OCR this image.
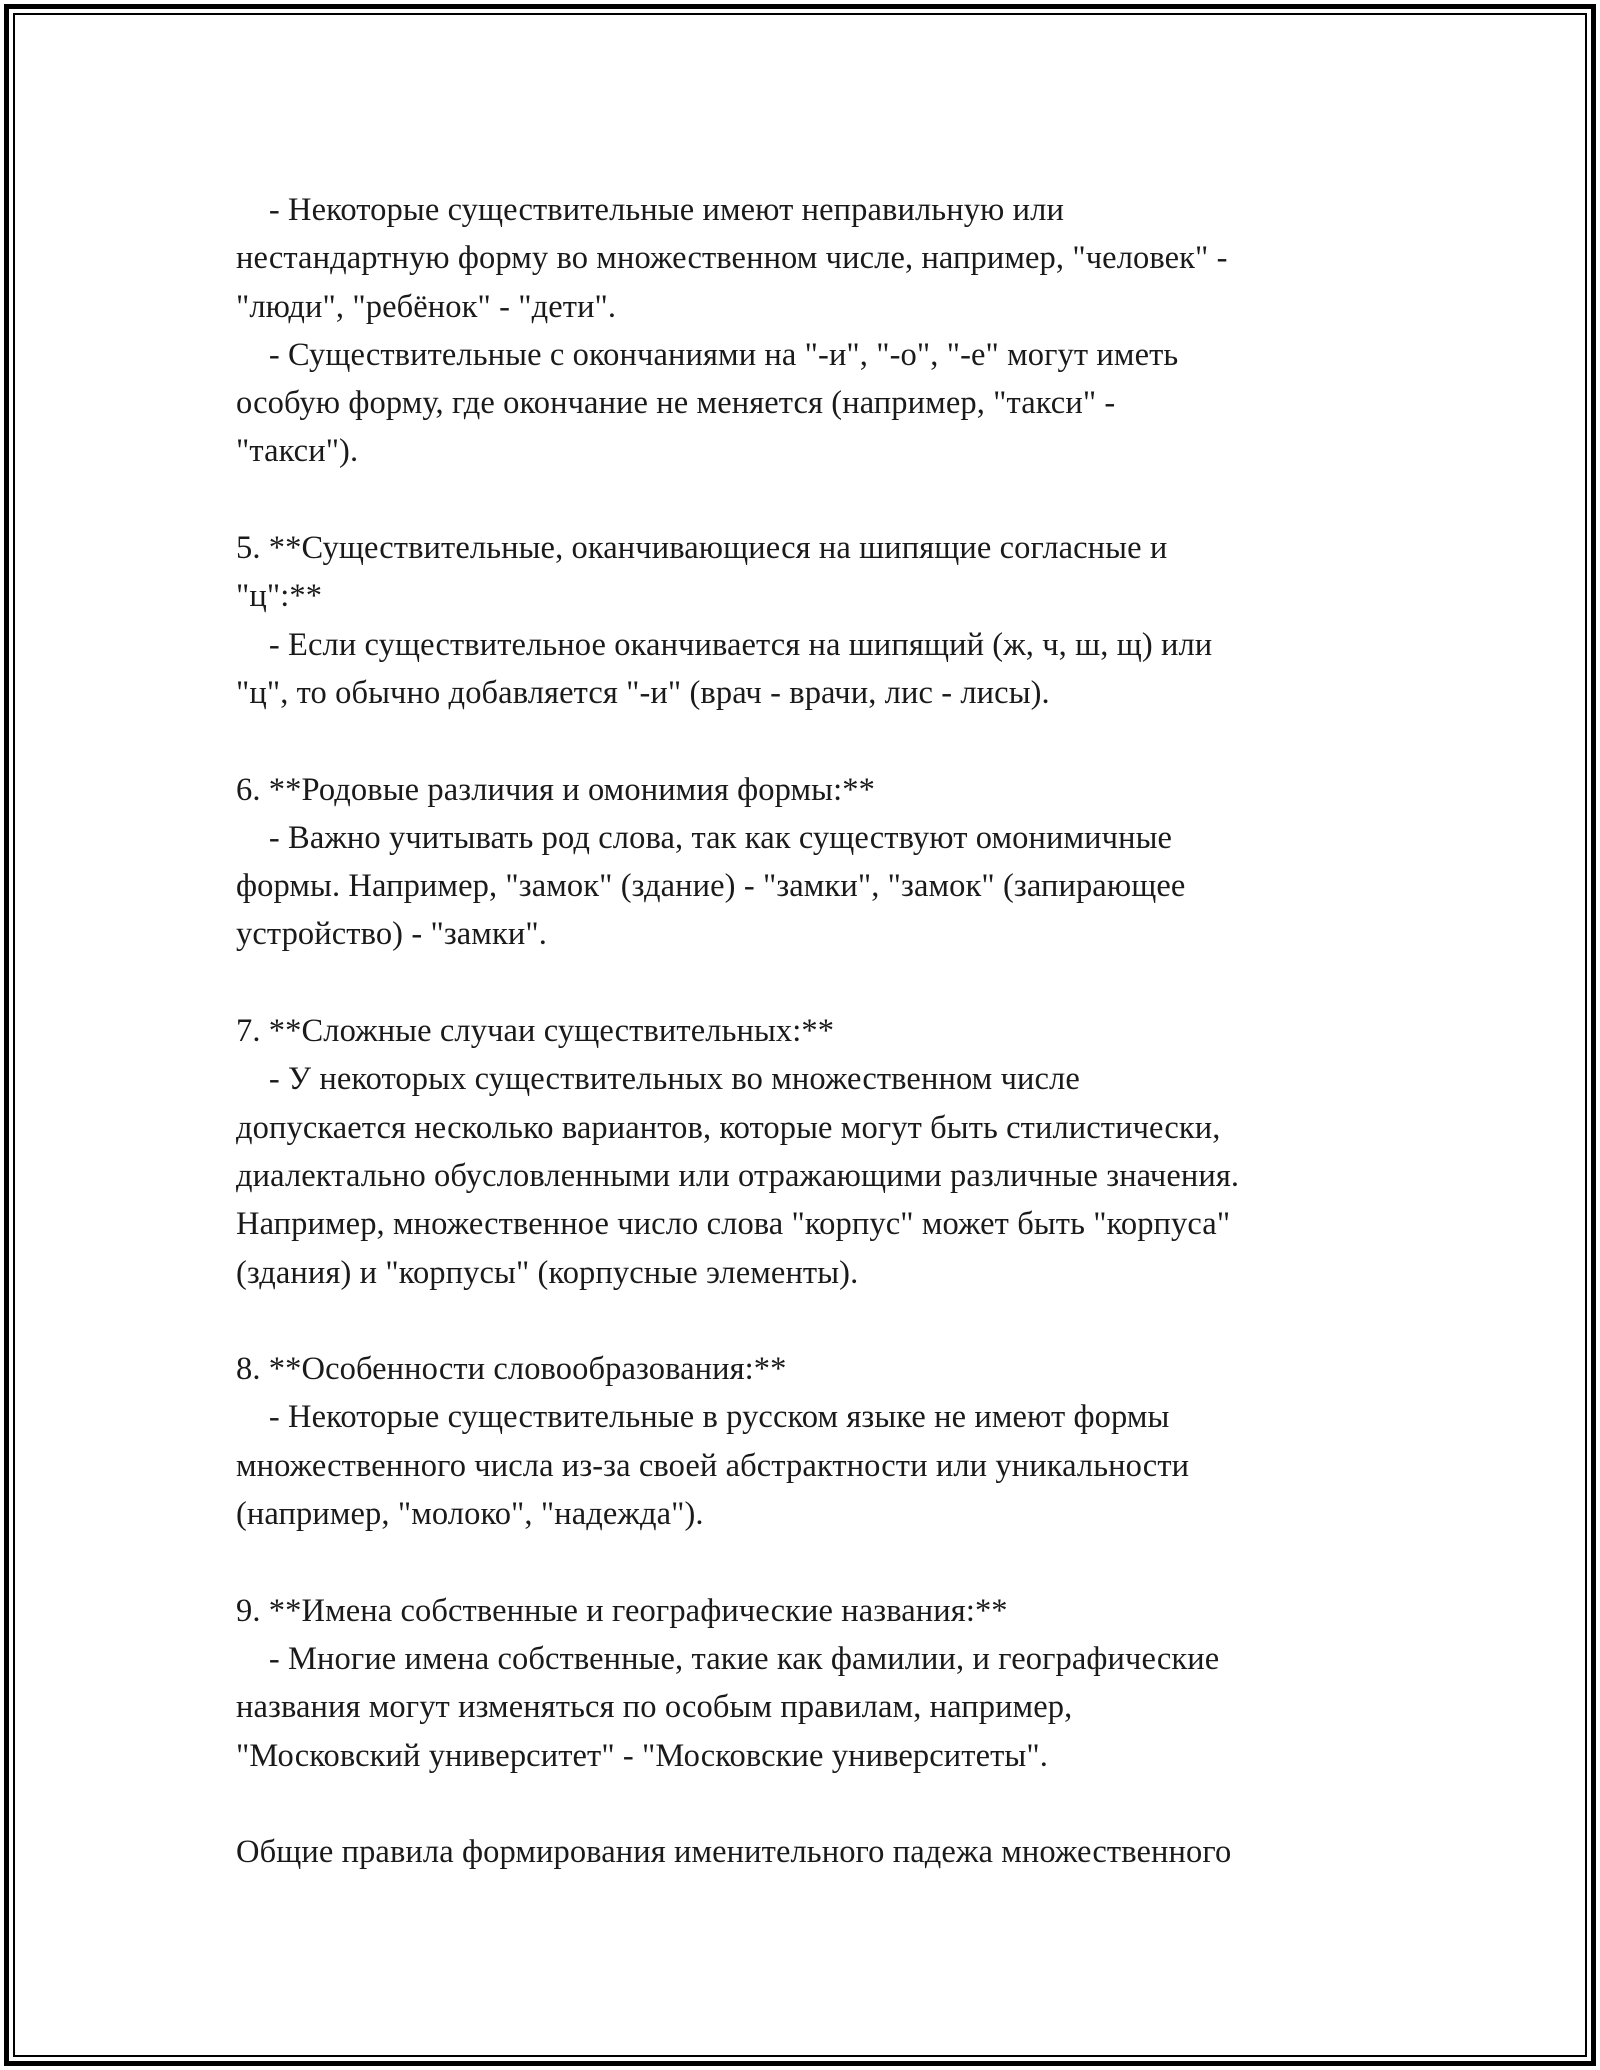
- Некоторые существительные имеют неправильную или
нестандартную форму во множественном числе, например, "человек" -
"люди", "ребёнок" - "дети".
- Существительные с окончаниями на "-и", "-о", "-е" могут иметь
особую форму, где окончание не меняется (например, "такси" -
"такси").
5. **Существительные, оканчивающиеся на шипящие согласные и
"ц":**
- Если существительное оканчивается на шипящий (ж, ч, ш, щ) или
"ц", то обычно добавляется "-и" (врач - врачи, лис - лисы).
6. **Родовые различия и омонимия формы:**
- Важно учитывать род слова, так как существуют омонимичные
формы. Например, "замок" (здание) - "замки", "замок" (запирающее
устройство) - "замки".
7. **Сложные случаи существительных:**
- У некоторых существительных во множественном числе
допускается несколько вариантов, которые могут быть стилистически,
диалектально обусловленными или отражающими различные значения.
Например, множественное число слова "корпус" может быть "корпуса"
(здания) и "корпусы" (корпусные элементы).
8. **Особенности словообразования:**
- Некоторые существительные в русском языке не имеют формы
множественного числа из-за своей абстрактности или уникальности
(например, "молоко", "надежда").
9. **Имена собственные и географические названия:**
- Многие имена собственные, такие как фамилии, и географические
названия могут изменяться по особым правилам, например,
"Московский университет" - "Московские университеты".
Общие правила формирования именительного падежа множественного
